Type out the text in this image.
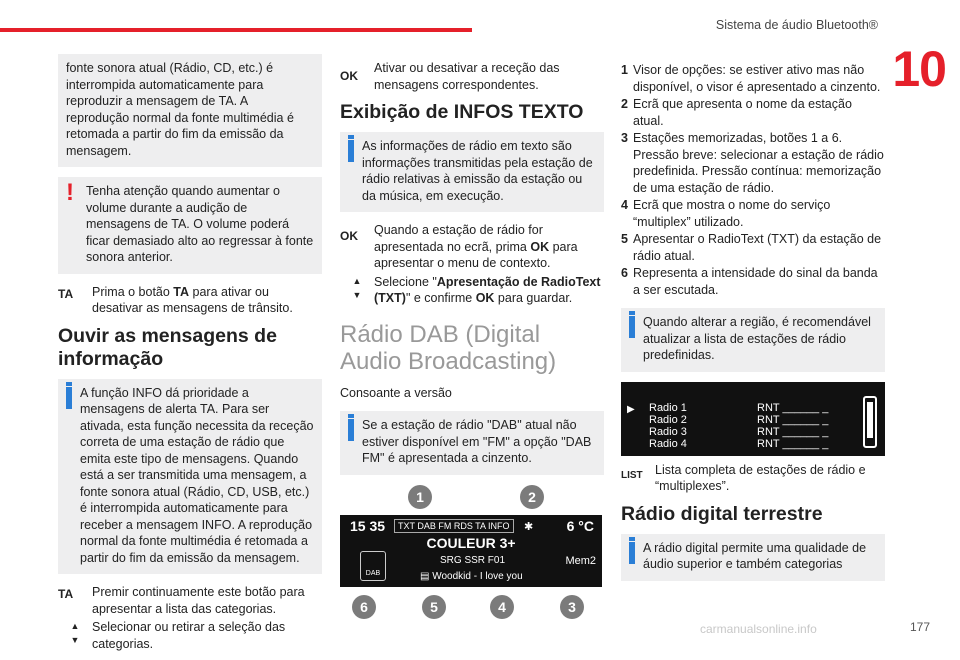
Sistema de áudio Bluetooth®
10
fonte sonora atual (Rádio, CD, etc.) é interrompida automaticamente para reproduzir a mensagem de TA. A reprodução normal da fonte multimédia é retomada a partir do fim da emissão da mensagem.
! Tenha atenção quando aumentar o volume durante a audição de mensagens de TA. O volume poderá ficar demasiado alto ao regressar à fonte sonora anterior.
TA	Prima o botão TA para ativar ou desativar as mensagens de trânsito.
Ouvir as mensagens de informação
A função INFO dá prioridade a mensagens de alerta TA. Para ser ativada, esta função necessita da receção correta de uma estação de rádio que emita este tipo de mensagens. Quando está a ser transmitida uma mensagem, a fonte sonora atual (Rádio, CD, USB, etc.) é interrompida automaticamente para receber a mensagem INFO. A reprodução normal da fonte multimédia é retomada a partir do fim da emissão da mensagem.
TA	Premir continuamente este botão para apresentar a lista das categorias.
▲
▼
Selecionar ou retirar a seleção das categorias.
OK
Ativar ou desativar a receção das mensagens correspondentes.
Exibição de INFOS TEXTO
As informações de rádio em texto são informações transmitidas pela estação de rádio relativas à emissão da estação ou da música, em execução.
OK	Quando a estação de rádio for apresentada no ecrã, prima OK para apresentar o menu de contexto.
▲
▼
Selecione "Apresentação de RadioText (TXT)" e confirme OK para guardar.
Rádio DAB (Digital Audio Broadcasting)
Consoante a versão
Se a estação de rádio "DAB" atual não estiver disponível em "FM" a opção "DAB FM" é apresentada a cinzento.
1	2
15 35	TXT DAB FM RDS TA INFO	✱ 6 °C
COULEUR 3+
DAB
SRG SSR F01	Mem2
▤ Woodkid - I love you
6	5	4	3
1 Visor de opções: se estiver ativo mas não disponível, o visor é apresentado a cinzento.
2 Ecrã que apresenta o nome da estação atual.
3 Estações memorizadas, botões 1 a 6. Pressão breve: selecionar a estação de rádio predefinida. Pressão contínua: memorização de uma estação de rádio.
4 Ecrã que mostra o nome do serviço “multiplex” utilizado.
5 Apresentar o RadioText (TXT) da estação de rádio atual.
6 Representa a intensidade do sinal da banda a ser escutada.
Quando alterar a região, é recomendável atualizar a lista de estações de rádio predefinidas.
▶ Radio 1	RNT ______ _
Radio 2	RNT ______ _
Radio 3	RNT ______ _
Radio 4	RNT ______ _
LIST Lista completa de estações de rádio e “multiplexes”.
Rádio digital terrestre
A rádio digital permite uma qualidade de áudio superior e também categorias
carmanualsonline.info	177
